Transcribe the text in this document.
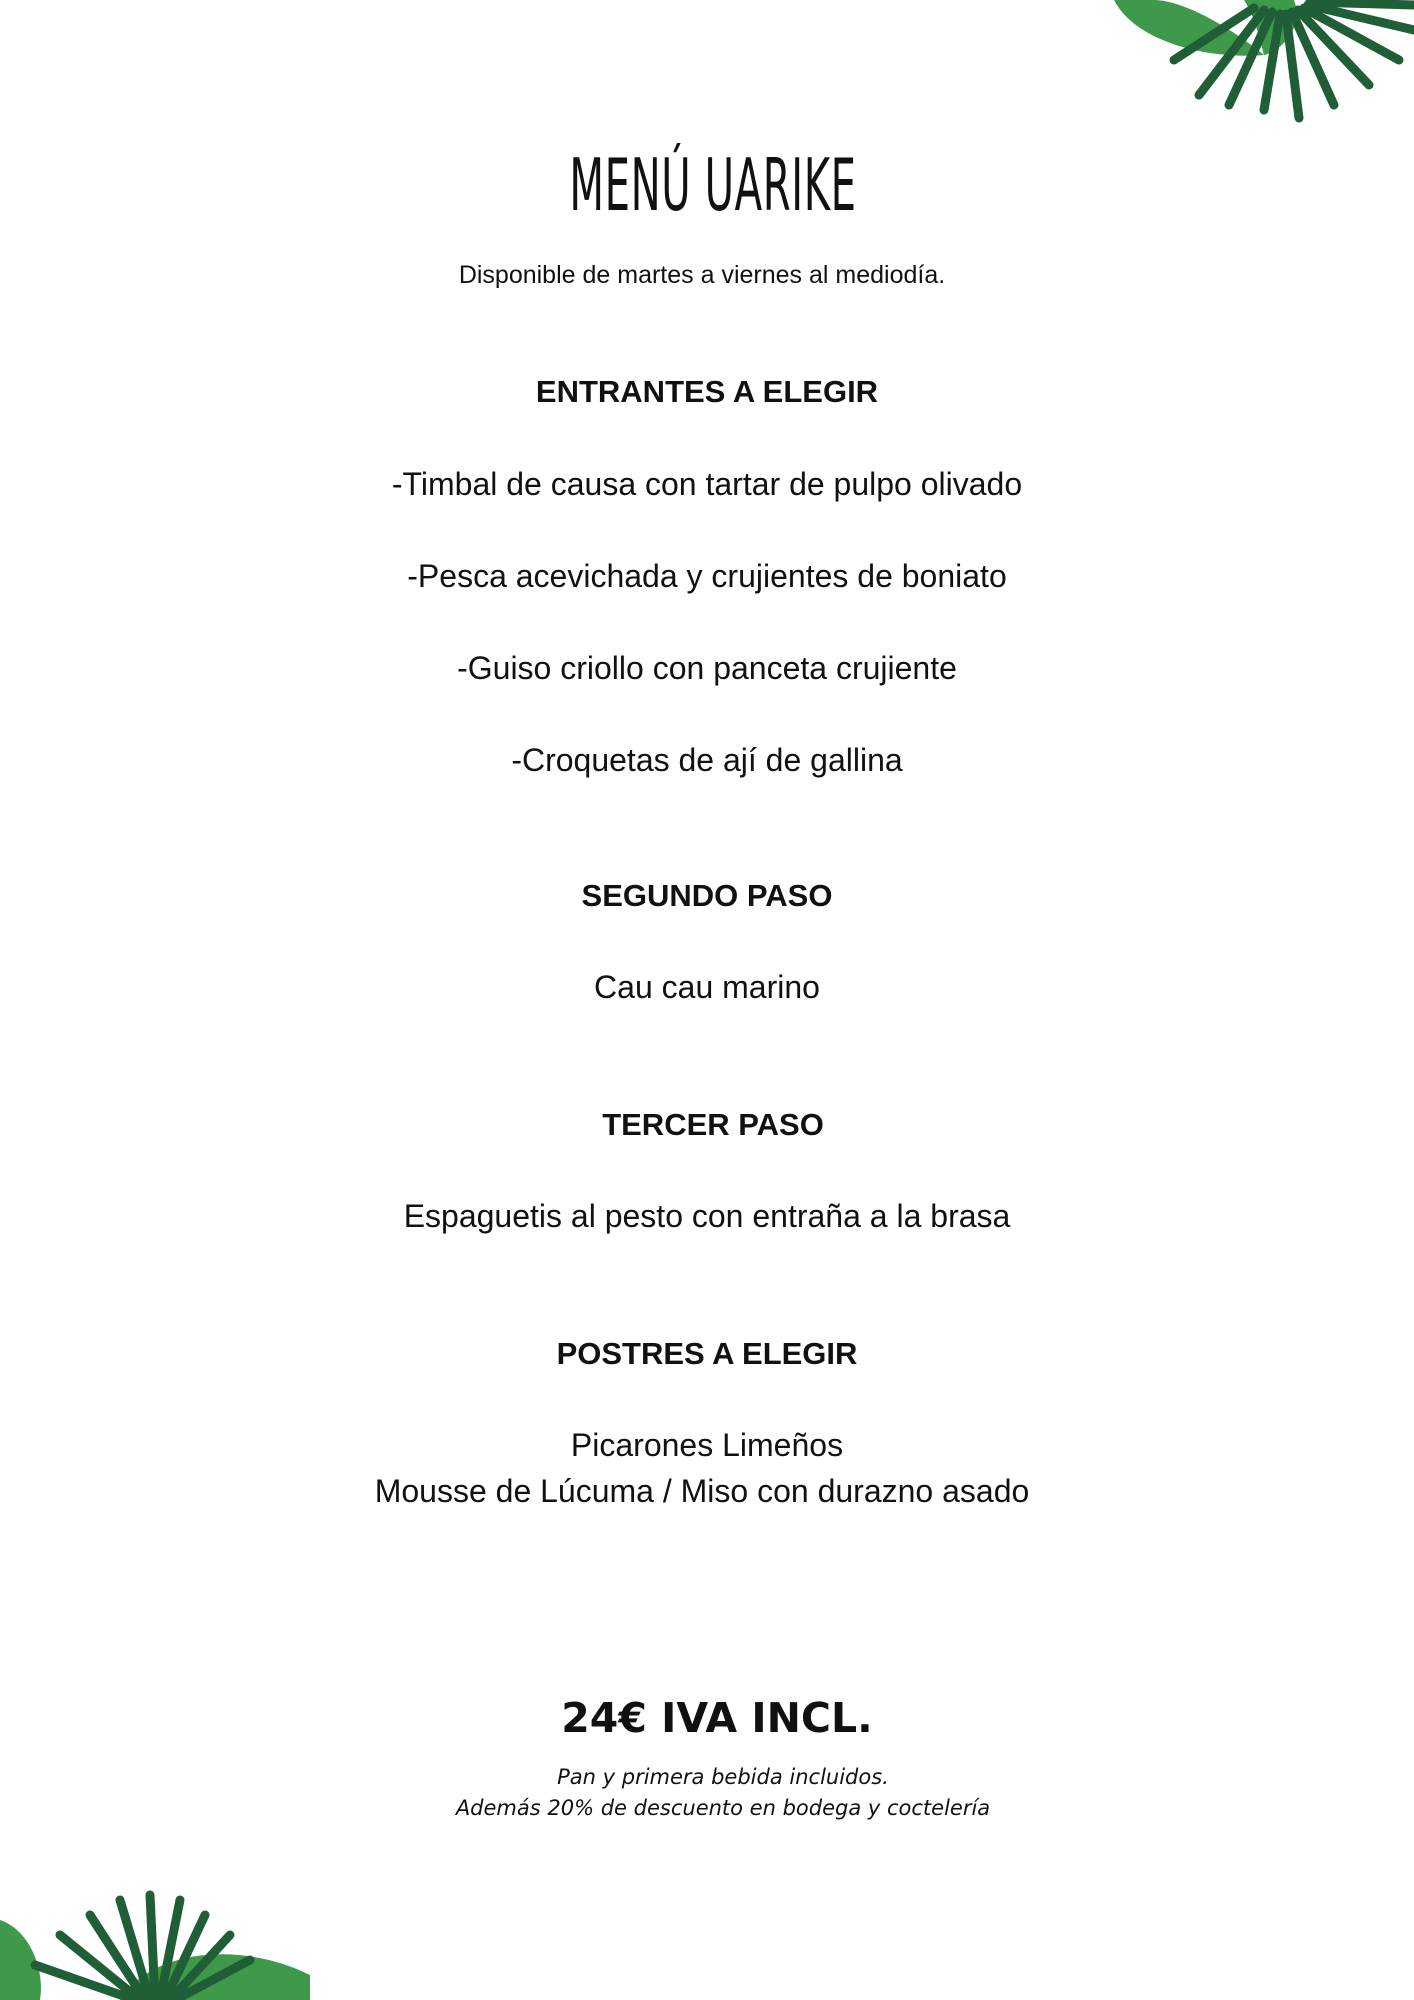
MENÚ UARIKE
Disponible de martes a viernes al mediodía.
ENTRANTES A ELEGIR
-Timbal de causa con tartar de pulpo olivado
-Pesca acevichada y crujientes de boniato
-Guiso criollo con panceta crujiente
-Croquetas de ají de gallina
SEGUNDO PASO
Cau cau marino
TERCER PASO
Espaguetis al pesto con entraña a la brasa
POSTRES A ELEGIR
Picarones Limeños
Mousse de Lúcuma / Miso con durazno asado
24€ IVA INCL.
Pan y primera bebida incluidos.
Además 20% de descuento en bodega y coctelería
